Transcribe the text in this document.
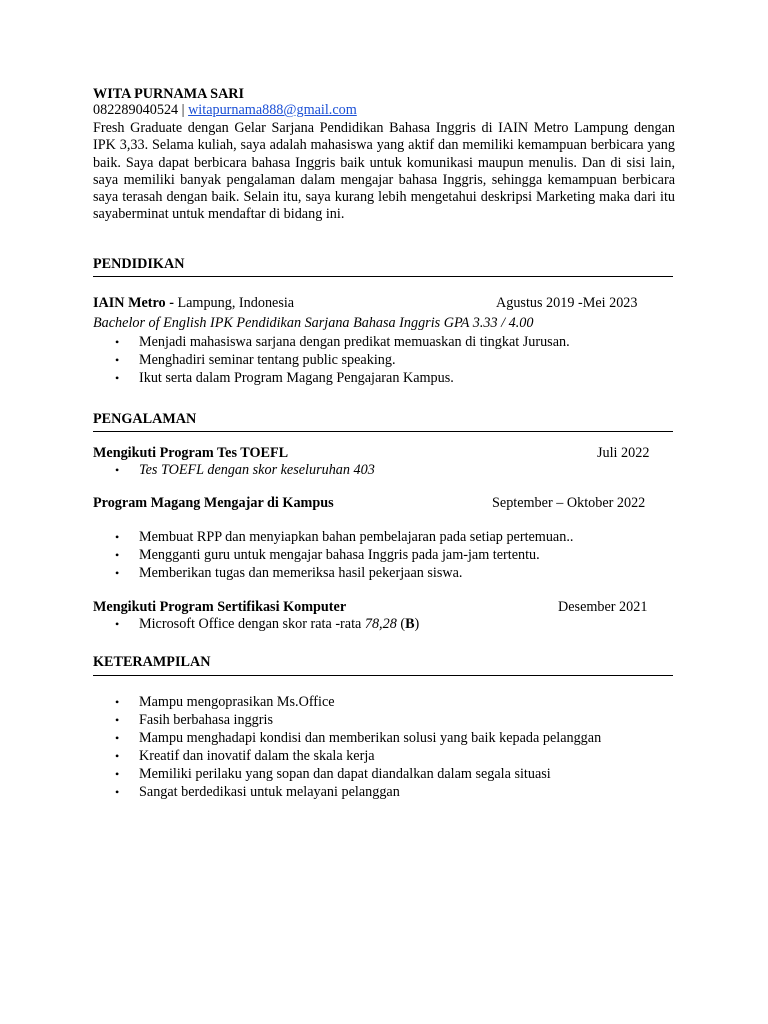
WITA PURNAMA SARI
082289040524 | witapurnama888@gmail.com
Fresh Graduate dengan Gelar Sarjana Pendidikan Bahasa Inggris di IAIN Metro Lampung dengan IPK 3,33. Selama kuliah, saya adalah mahasiswa yang aktif dan memiliki kemampuan berbicara yang baik. Saya dapat berbicara bahasa Inggris baik untuk komunikasi maupun menulis. Dan di sisi lain, saya memiliki banyak pengalaman dalam mengajar bahasa Inggris, sehingga kemampuan berbicara saya terasah dengan baik. Selain itu, saya kurang lebih mengetahui deskripsi Marketing maka dari itu sayaberminat untuk mendaftar di bidang ini.
PENDIDIKAN
IAIN Metro - Lampung, Indonesia	Agustus 2019 -Mei 2023
Bachelor of English IPK Pendidikan Sarjana Bahasa Inggris GPA 3.33 / 4.00
• Menjadi mahasiswa sarjana dengan predikat memuaskan di tingkat Jurusan.
• Menghadiri seminar tentang public speaking.
• Ikut serta dalam Program Magang Pengajaran Kampus.
PENGALAMAN
Mengikuti Program Tes TOEFL	Juli 2022
• Tes TOEFL dengan skor keseluruhan 403
Program Magang Mengajar di Kampus	September – Oktober 2022
• Membuat RPP dan menyiapkan bahan pembelajaran pada setiap pertemuan..
• Mengganti guru untuk mengajar bahasa Inggris pada jam-jam tertentu.
• Memberikan tugas dan memeriksa hasil pekerjaan siswa.
Mengikuti Program Sertifikasi Komputer	Desember 2021
• Microsoft Office dengan skor rata -rata 78,28 (B)
KETERAMPILAN
• Mampu mengoprasikan Ms.Office
• Fasih berbahasa inggris
• Mampu menghadapi kondisi dan memberikan solusi yang baik kepada pelanggan
• Kreatif dan inovatif dalam the skala kerja
• Memiliki perilaku yang sopan dan dapat diandalkan dalam segala situasi
• Sangat berdedikasi untuk melayani pelanggan
